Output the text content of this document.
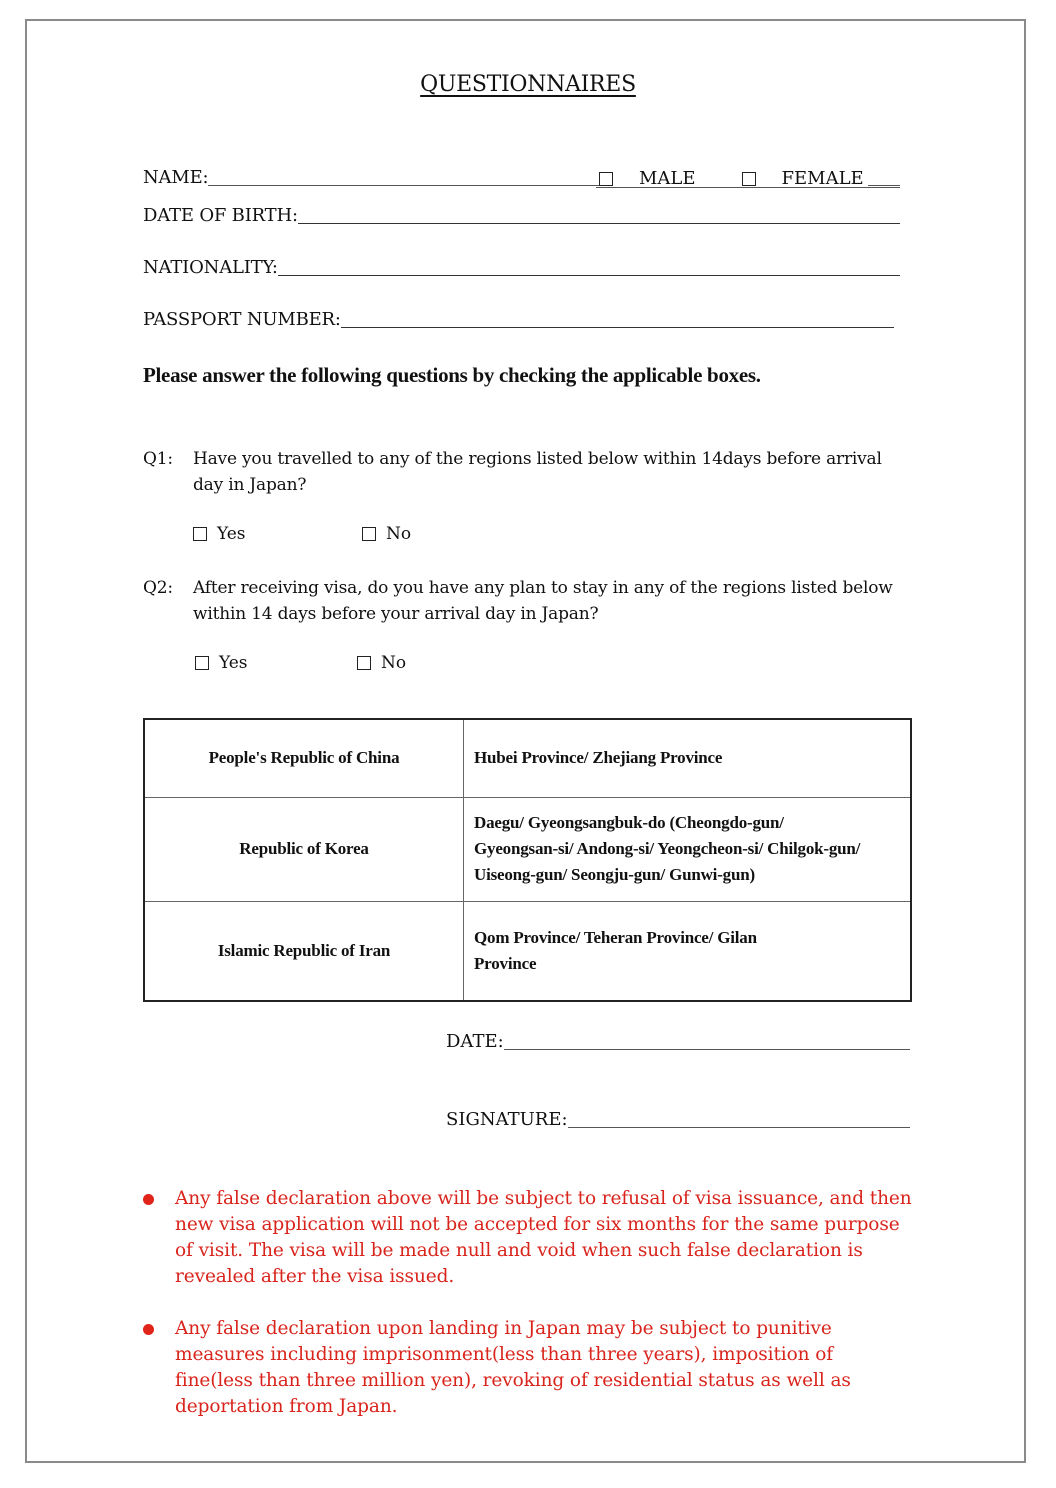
QUESTIONNAIRES
NAME:	MALE	FEMALE
DATE OF BIRTH:
NATIONALITY:
PASSPORT NUMBER:
Please answer the following questions by checking the applicable boxes.
Q1: Have you travelled to any of the regions listed below within 14days before arrival day in Japan?
Yes	No
Q2: After receiving visa, do you have any plan to stay in any of the regions listed below within 14 days before your arrival day in Japan?
Yes	No
People's Republic of China	Hubei Province/ Zhejiang Province
Republic of Korea	Daegu/ Gyeongsangbuk-do (Cheongdo-gun/ Gyeongsan-si/ Andong-si/ Yeongcheon-si/ Chilgok-gun/ Uiseong-gun/ Seongju-gun/ Gunwi-gun)
Islamic Republic of Iran	Qom Province/ Teheran Province/ Gilan Province
DATE:
SIGNATURE:
Any false declaration above will be subject to refusal of visa issuance, and then new visa application will not be accepted for six months for the same purpose of visit. The visa will be made null and void when such false declaration is revealed after the visa issued.
Any false declaration upon landing in Japan may be subject to punitive measures including imprisonment(less than three years), imposition of fine(less than three million yen), revoking of residential status as well as deportation from Japan.
